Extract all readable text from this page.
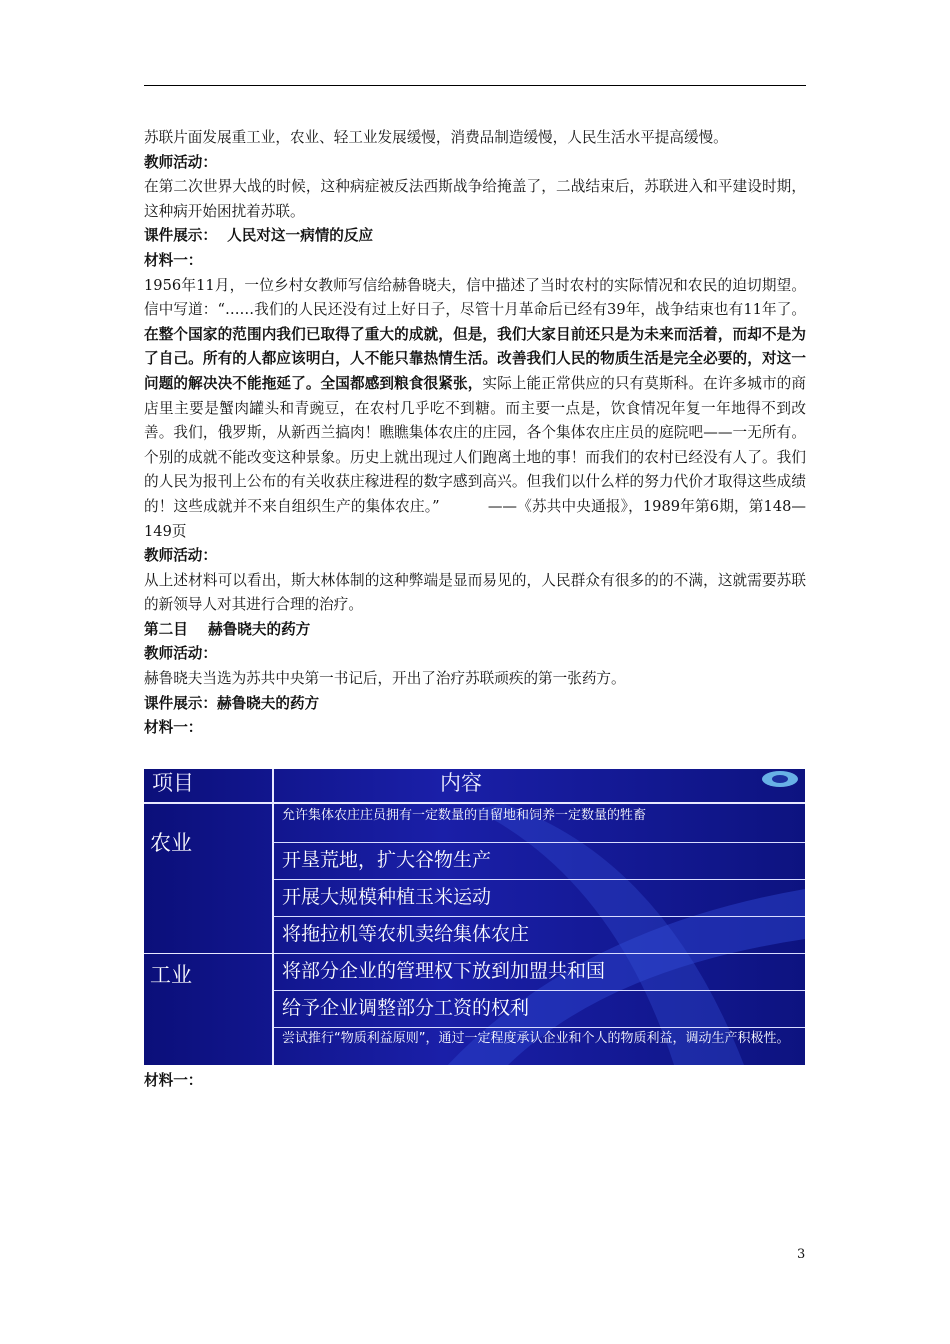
苏联片面发展重工业，农业、轻工业发展缓慢，消费品制造缓慢，人民生活水平提高缓慢。

教师活动：

在第二次世界大战的时候，这种病症被反法西斯战争给掩盖了，二战结束后，苏联进入和平建设时期，这种病开始困扰着苏联。

课件展示：  人民对这一病情的反应

材料一：

1956年11月，一位乡村女教师写信给赫鲁晓夫，信中描述了当时农村的实际情况和农民的迫切期望。信中写道：“……我们的人民还没有过上好日子，尽管十月革命后已经有39年，战争结束也有11年了。在整个国家的范围内我们已取得了重大的成就，但是，我们大家目前还只是为未来而活着，而却不是为了自己。所有的人都应该明白，人不能只靠热情生活。改善我们人民的物质生活是完全必要的，对这一问题的解决决不能拖延了。全国都感到粮食很紧张，实际上能正常供应的只有莫斯科。在许多城市的商店里主要是蟹肉罐头和青豌豆，在农村几乎吃不到糖。而主要一点是，饮食情况年复一年地得不到改善。我们，俄罗斯，从新西兰搞肉！瞧瞧集体农庄的庄园，各个集体农庄庄员的庭院吧——一无所有。个别的成就不能改变这种景象。历史上就出现过人们跑离土地的事！而我们的农村已经没有人了。我们的人民为报刊上公布的有关收获庄稼进程的数字感到高兴。但我们以什么样的努力代价才取得这些成绩的！这些成就并不来自组织生产的集体农庄。”          ——《苏共中央通报》，1989年第6期，第148—149页

教师活动：

从上述材料可以看出，斯大林体制的这种弊端是显而易见的，人民群众有很多的的不满，这就需要苏联的新领导人对其进行合理的治疗。

第二目    赫鲁晓夫的药方

教师活动：

赫鲁晓夫当选为苏共中央第一书记后，开出了治疗苏联顽疾的第一张药方。

课件展示：赫鲁晓夫的药方

材料一：

项目	内容
农业
工业
允许集体农庄庄员拥有一定数量的自留地和饲养一定数量的牲畜
开垦荒地，扩大谷物生产
开展大规模种植玉米运动
将拖拉机等农机卖给集体农庄
将部分企业的管理权下放到加盟共和国
给予企业调整部分工资的权利
尝试推行“物质利益原则”，通过一定程度承认企业和个人的物质利益，调动生产积极性。
材料一：
3
